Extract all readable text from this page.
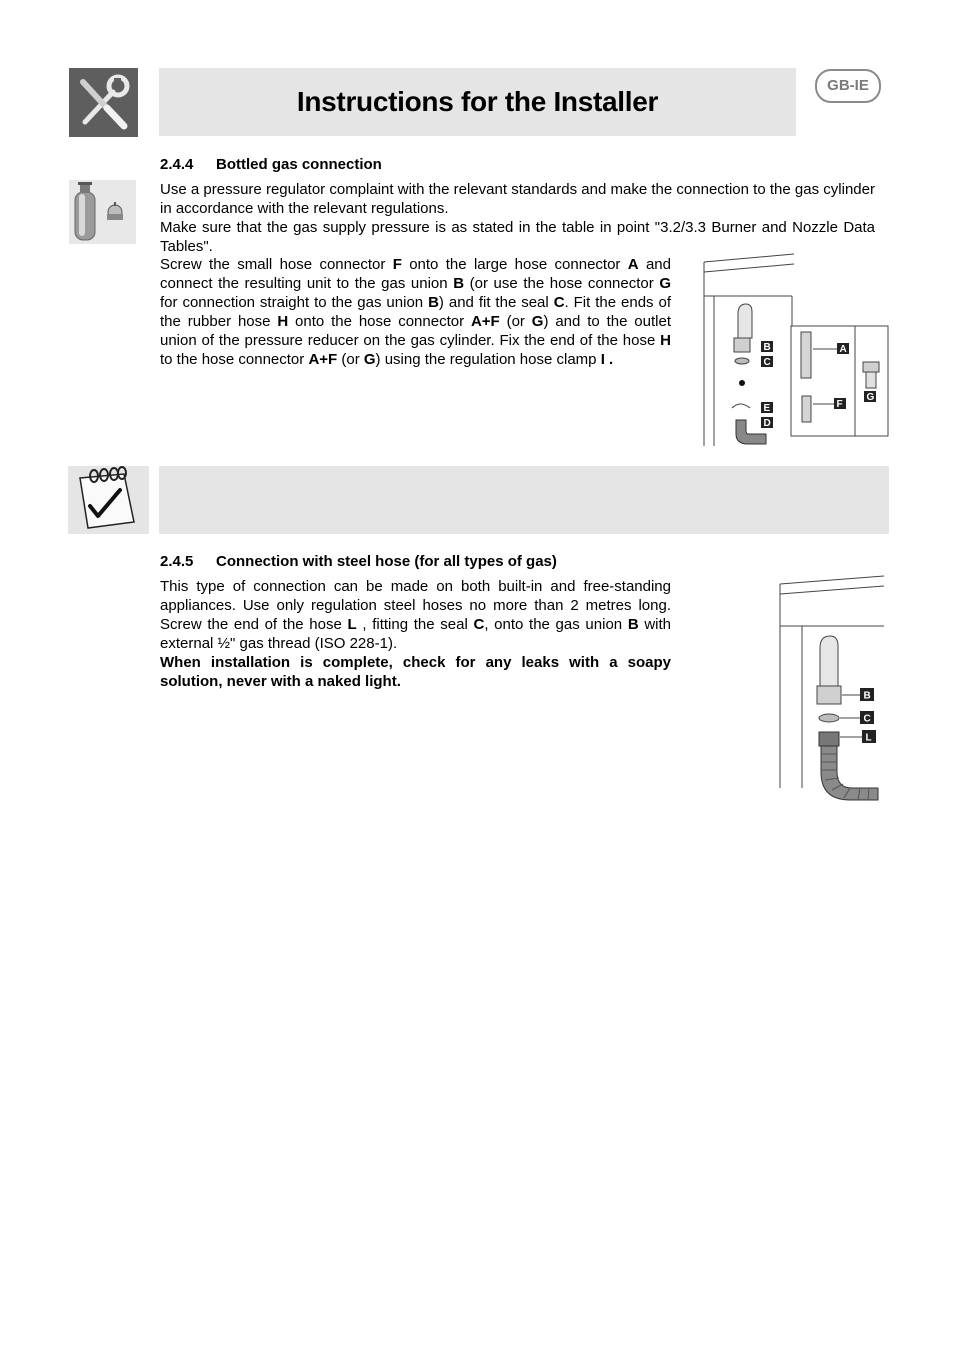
Instructions for the Installer
GB-IE
2.4.4 Bottled gas connection

Use a pressure regulator complaint with the relevant standards and make the connection to the gas cylinder in accordance with the relevant regulations.

Make sure that the gas supply pressure is as stated in the table in point "3.2/3.3 Burner and Nozzle Data Tables".

Screw the small hose connector F onto the large hose connector A and connect the resulting unit to the gas union B (or use the hose connector G for connection straight to the gas union B) and fit the seal C. Fit the ends of the rubber hose H onto the hose connector A+F (or G) and to the outlet union of the pressure reducer on the gas cylinder. Fix the end of the hose H to the hose connector A+F (or G) using the regulation hose clamp I .

B
C
E
D
A
F
G
2.4.5 Connection with steel hose (for all types of gas)

This type of connection can be made on both built-in and free-standing appliances. Use only regulation steel hoses no more than 2 metres long. Screw the end of the hose L , fitting the seal C, onto the gas union B with external ½" gas thread (ISO 228-1).

When installation is complete, check for any leaks with a soapy solution, never with a naked light.

B
C
L
